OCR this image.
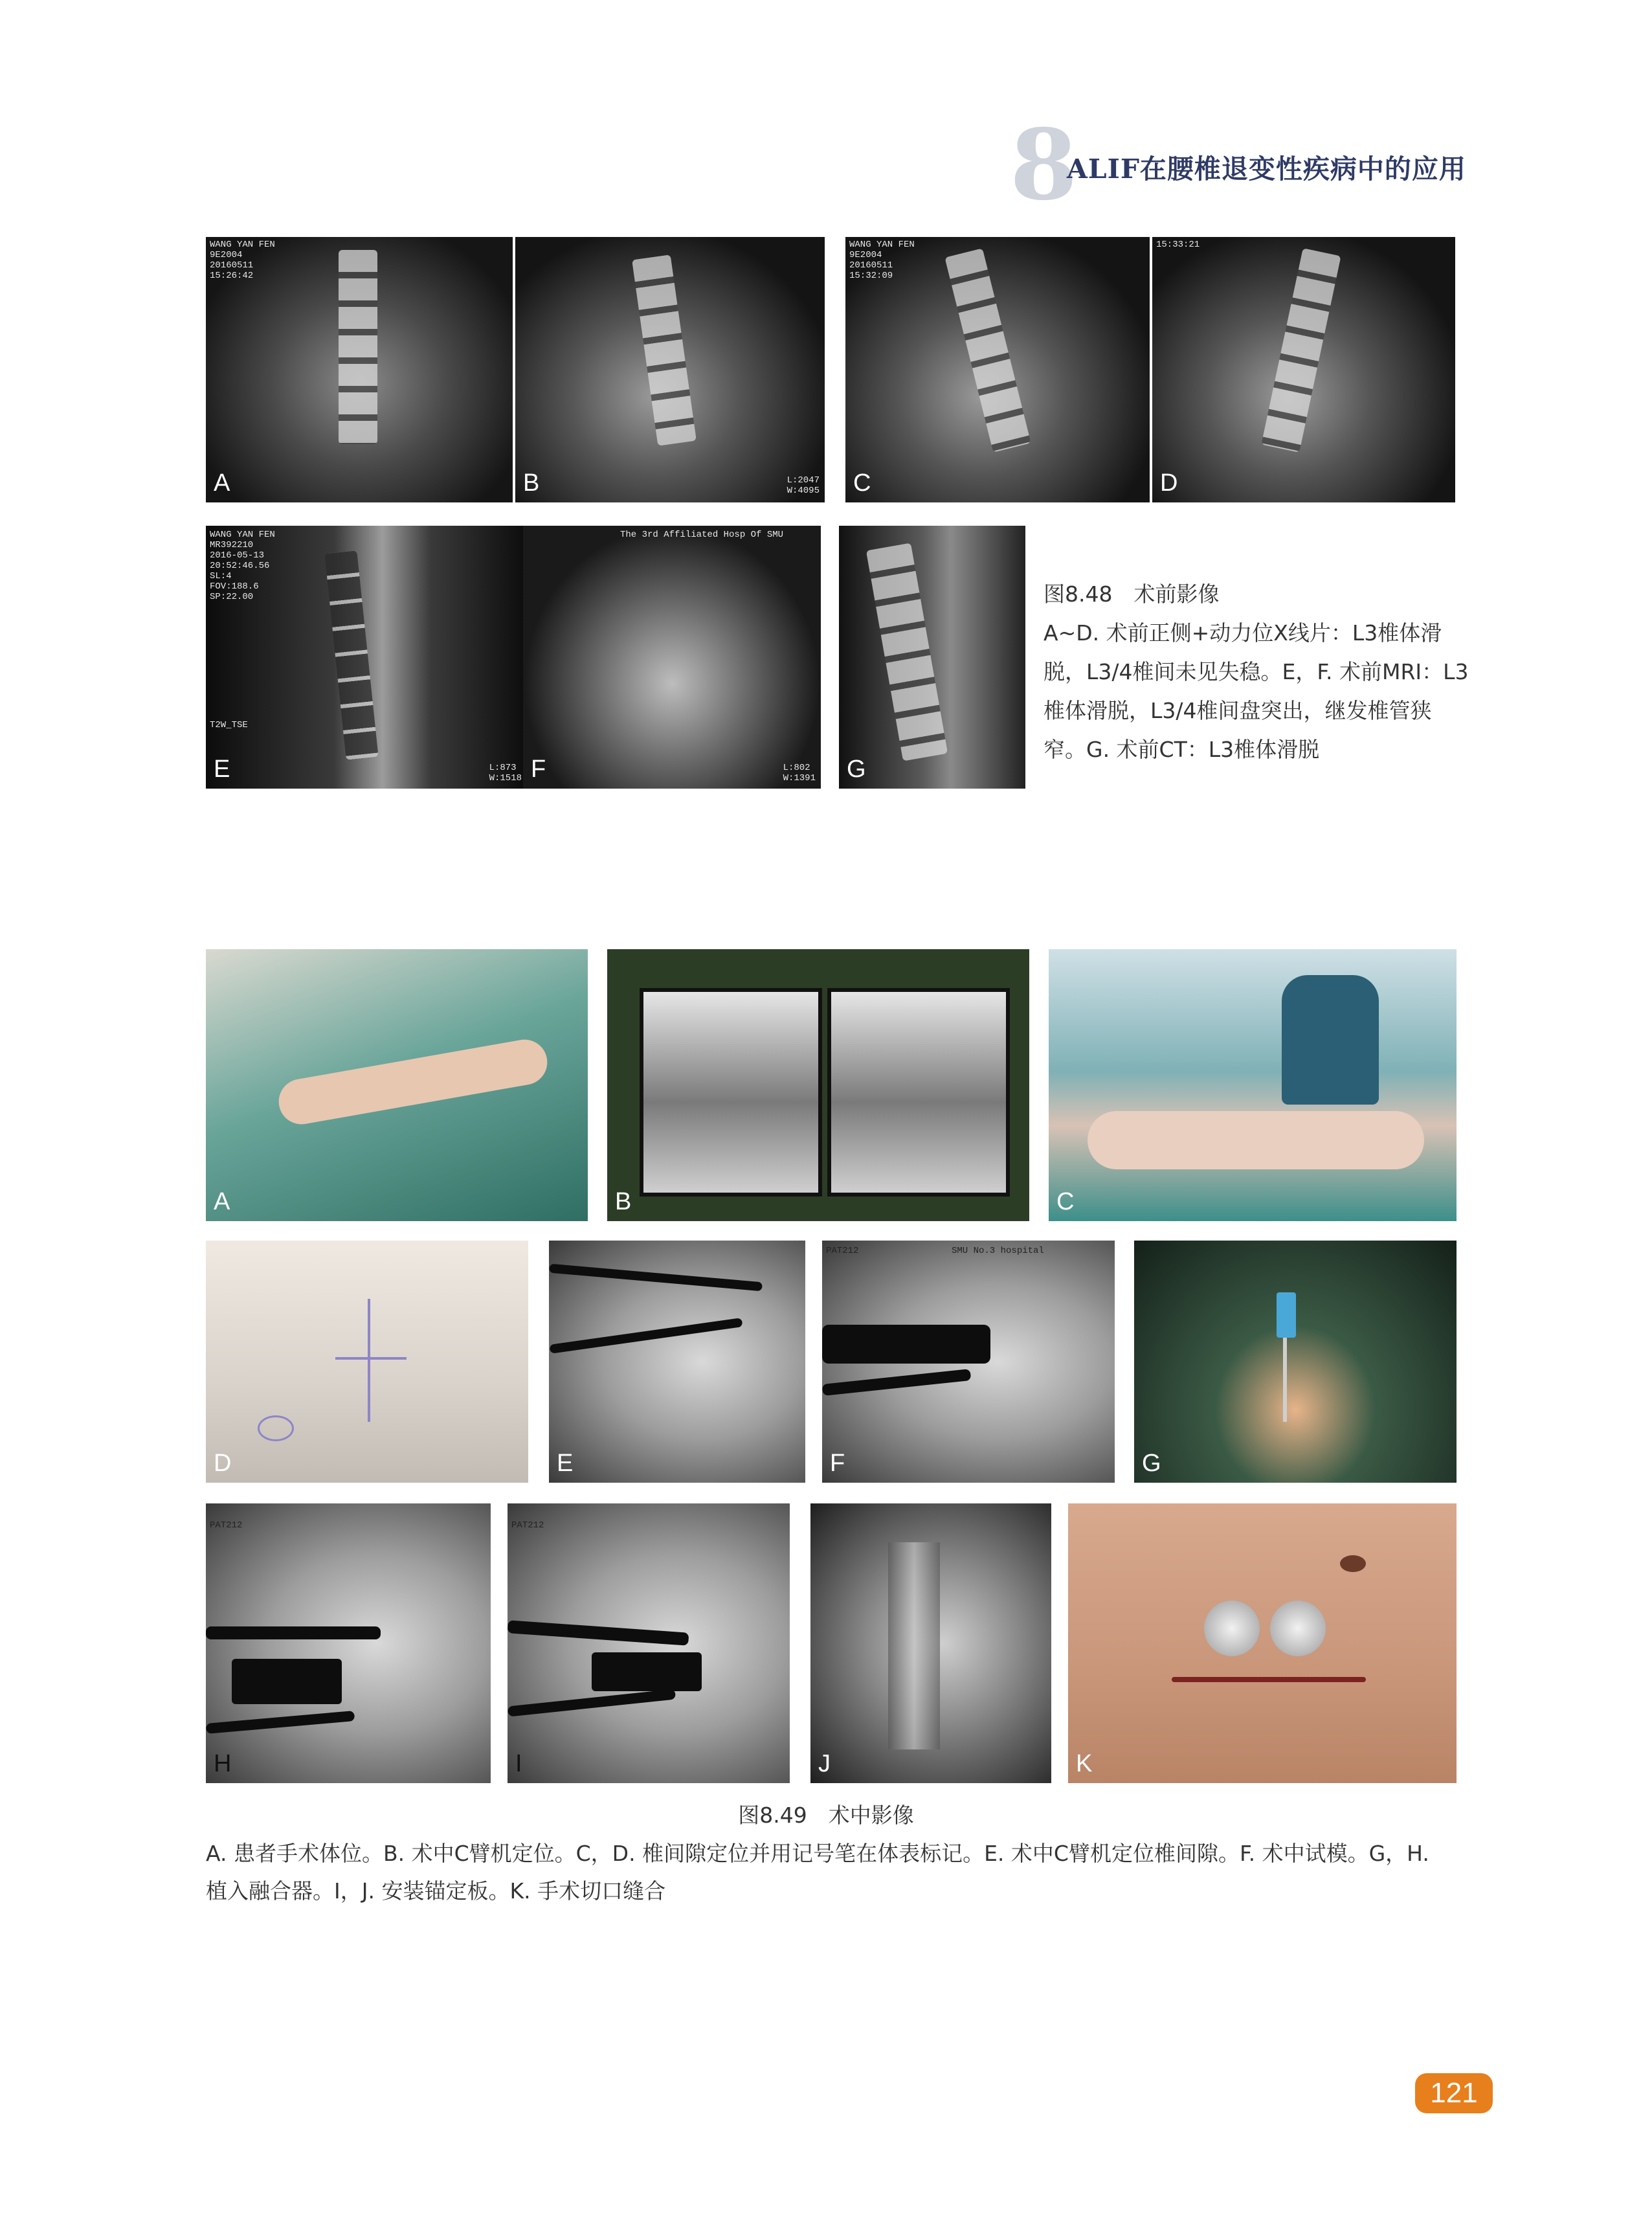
8
ALIF在腰椎退变性疾病中的应用
WANG YAN FEN
9E2004
20160511
15:26:42
A	L:2047
W:4095
B
WANG YAN FEN
9E2004
20160511
15:32:09
C
15:33:21
D
WANG YAN FEN
MR392210
2016-05-13
20:52:46.56
SL:4
FOV:188.6
SP:22.00
T2W_TSE
L:873
W:1518
E
The 3rd Affiliated Hosp Of SMU
L:802
W:1391
F	G
图8.48　术前影像
A~D. 术前正侧+动力位X线片：L3椎体滑脱，L3/4椎间未见失稳。E，F. 术前MRI：L3椎体滑脱，L3/4椎间盘突出，继发椎管狭窄。G. 术前CT：L3椎体滑脱
A	B	C
D	E
PAT212	SMU No.3 hospital
F	G
PAT212
H
PAT212
I	J	K
图8.49　术中影像
A. 患者手术体位。B. 术中C臂机定位。C，D. 椎间隙定位并用记号笔在体表标记。E. 术中C臂机定位椎间隙。F. 术中试模。G，H. 植入融合器。I，J. 安装锚定板。K. 手术切口缝合
121
